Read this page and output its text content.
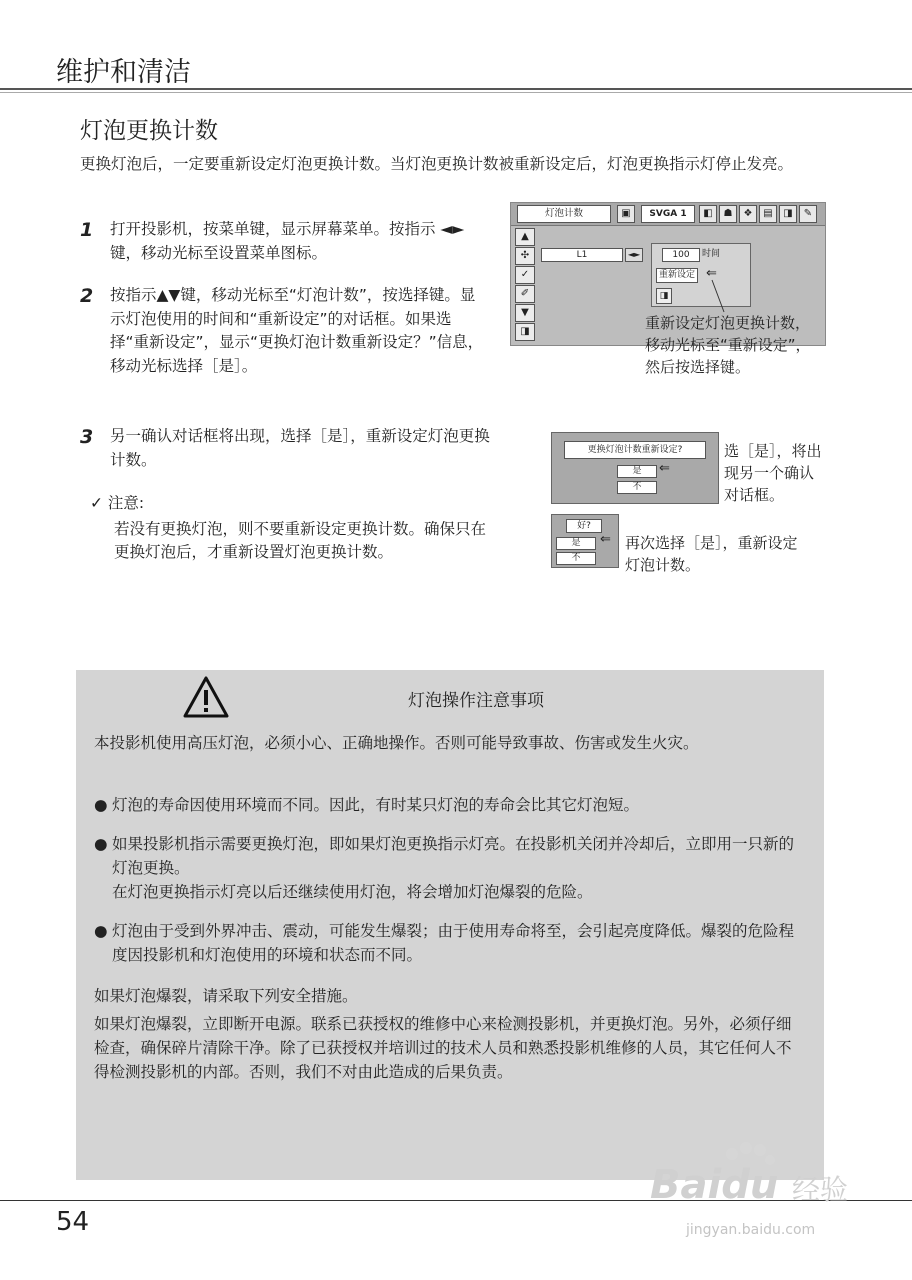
维护和清洁
灯泡更换计数
更换灯泡后，一定要重新设定灯泡更换计数。当灯泡更换计数被重新设定后，灯泡更换指示灯停止发亮。
1 打开投影机，按菜单键，显示屏幕菜单。按指示 ◄►键，移动光标至设置菜单图标。
2 按指示▲▼键，移动光标至“灯泡计数”，按选择键。显示灯泡使用的时间和“重新设定”的对话框。如果选择“重新设定”，显示“更换灯泡计数重新设定？”信息，移动光标选择［是］。
3 另一确认对话框将出现，选择［是］，重新设定灯泡更换计数。
✓ 注意:
若没有更换灯泡，则不要重新设定更换计数。确保只在更换灯泡后，才重新设置灯泡更换计数。
灯泡计数	▣	SVGA 1	◧	☗	❖	▤	◨	✎
▲
✣
✓
✐
▼
◨
L1	◄►	100	时间
重新设定 ⇐
◨
重新设定灯泡更换计数，移动光标至“重新设定”，然后按选择键。
更换灯泡计数重新设定?
是	⇐
不
选［是］，将出现另一个确认对话框。
好?
是
不
⇐ 再次选择［是］，重新设定灯泡计数。
灯泡操作注意事项
本投影机使用高压灯泡，必须小心、正确地操作。否则可能导致事故、伤害或发生火灾。
● 灯泡的寿命因使用环境而不同。因此，有时某只灯泡的寿命会比其它灯泡短。
● 如果投影机指示需要更换灯泡，即如果灯泡更换指示灯亮。在投影机关闭并冷却后，立即用一只新的灯泡更换。
在灯泡更换指示灯亮以后还继续使用灯泡，将会增加灯泡爆裂的危险。
● 灯泡由于受到外界冲击、震动，可能发生爆裂；由于使用寿命将至，会引起亮度降低。爆裂的危险程度因投影机和灯泡使用的环境和状态而不同。
如果灯泡爆裂，请采取下列安全措施。
如果灯泡爆裂，立即断开电源。联系已获授权的维修中心来检测投影机，并更换灯泡。另外，必须仔细检查，确保碎片清除干净。除了已获授权并培训过的技术人员和熟悉投影机维修的人员，其它任何人不得检测投影机的内部。否则，我们不对由此造成的后果负责。
54
Baidu 经验
jingyan.baidu.com
